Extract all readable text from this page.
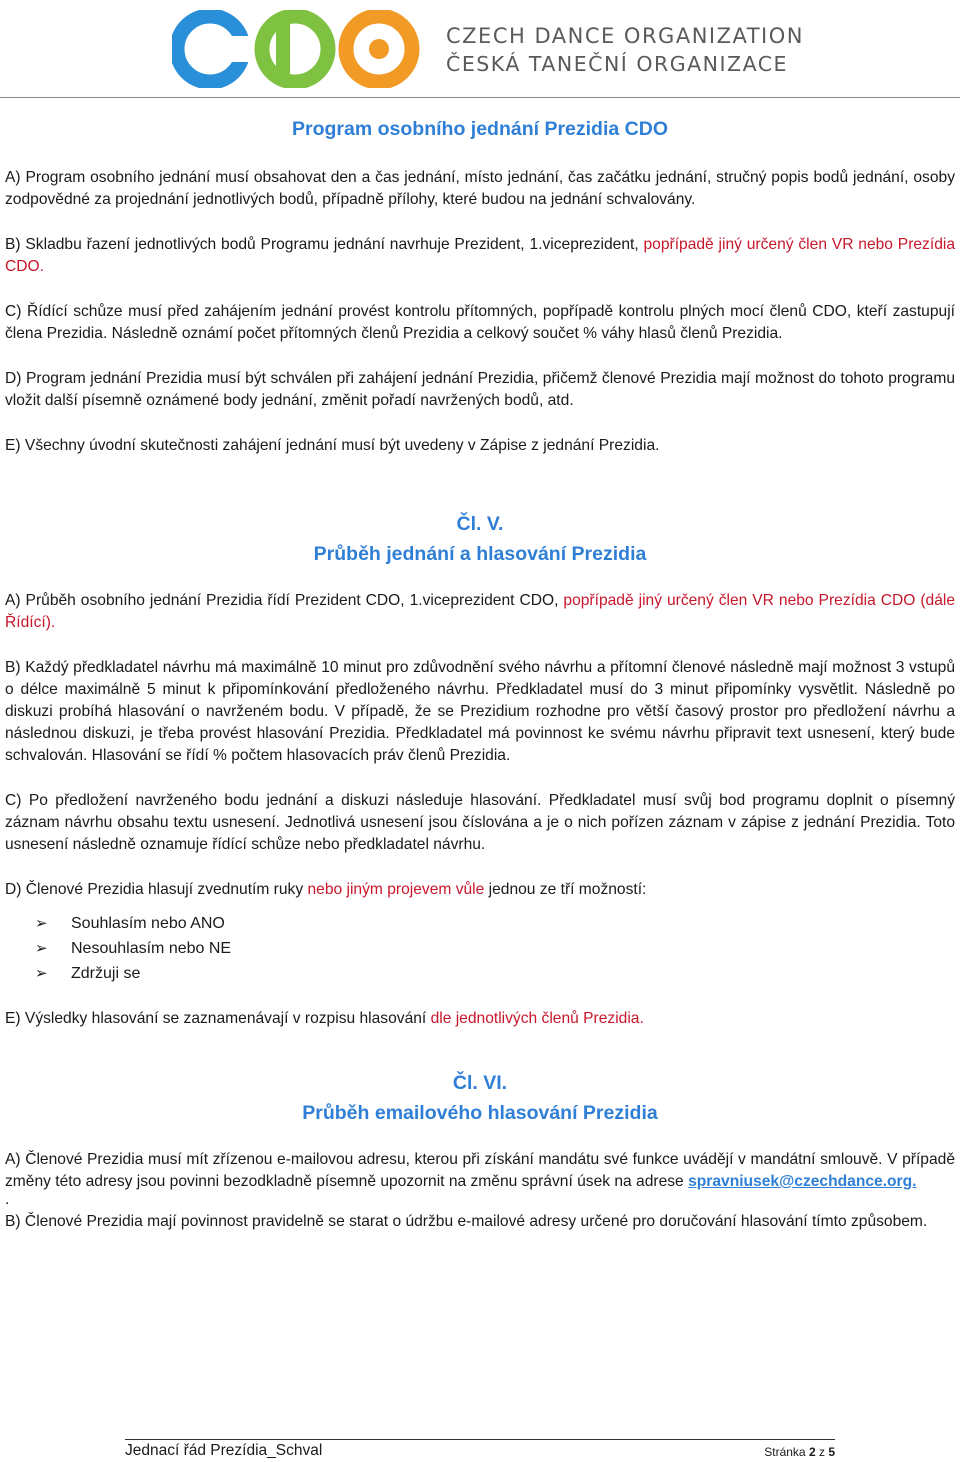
CZECH DANCE ORGANIZATION
ČESKÁ TANEČNÍ ORGANIZACE
Program osobního jednání Prezidia CDO

A) Program osobního jednání musí obsahovat den a čas jednání, místo jednání, čas začátku jednání, stručný popis bodů jednání, osoby zodpovědné za projednání jednotlivých bodů, případně přílohy, které budou na jednání schvalovány.

B) Skladbu řazení jednotlivých bodů Programu jednání navrhuje Prezident, 1.viceprezident, popřípadě jiný určený člen VR nebo Prezídia CDO.

C) Řídící schůze musí před zahájením jednání provést kontrolu přítomných, popřípadě kontrolu plných mocí členů CDO, kteří zastupují člena Prezidia. Následně oznámí počet přítomných členů Prezidia a celkový součet % váhy hlasů členů Prezidia.

D) Program jednání Prezidia musí být schválen při zahájení jednání Prezidia, přičemž členové Prezidia mají možnost do tohoto programu vložit další písemně oznámené body jednání, změnit pořadí navržených bodů, atd.

E) Všechny úvodní skutečnosti zahájení jednání musí být uvedeny v Zápise z jednání Prezidia.

Čl. V.
Průběh jednání a hlasování Prezidia

A) Průběh osobního jednání Prezidia řídí Prezident CDO, 1.viceprezident CDO, popřípadě jiný určený člen VR nebo Prezídia CDO (dále Řídící).

B) Každý předkladatel návrhu má maximálně 10 minut pro zdůvodnění svého návrhu a přítomní členové následně mají možnost 3 vstupů o délce maximálně 5 minut k připomínkování předloženého návrhu. Předkladatel musí do 3 minut připomínky vysvětlit. Následně po diskuzi probíhá hlasování o navrženém bodu. V případě, že se Prezidium rozhodne pro větší časový prostor pro předložení návrhu a následnou diskuzi, je třeba provést hlasování Prezidia. Předkladatel má povinnost ke svému návrhu připravit text usnesení, který bude schvalován. Hlasování se řídí % počtem hlasovacích práv členů Prezidia.

C) Po předložení navrženého bodu jednání a diskuzi následuje hlasování. Předkladatel musí svůj bod programu doplnit o písemný záznam návrhu obsahu textu usnesení. Jednotlivá usnesení jsou číslována a je o nich pořízen záznam v zápise z jednání Prezidia. Toto usnesení následně oznamuje řídící schůze nebo předkladatel návrhu.

D) Členové Prezidia hlasují zvednutím ruky nebo jiným projevem vůle jednou ze tří možností:

➢ Souhlasím nebo ANO
➢ Nesouhlasím nebo NE
➢ Zdržuji se

E) Výsledky hlasování se zaznamenávají v rozpisu hlasování dle jednotlivých členů Prezidia.

Čl. VI.
Průběh emailového hlasování Prezidia

A) Členové Prezidia musí mít zřízenou e-mailovou adresu, kterou při získání mandátu své funkce uvádějí v mandátní smlouvě. V případě změny této adresy jsou povinni bezodkladně písemně upozornit na změnu správní úsek na adrese spravniusek@czechdance.org.

.

B) Členové Prezidia mají povinnost pravidelně se starat o údržbu e-mailové adresy určené pro doručování hlasování tímto způsobem.

Jednací řád Prezídia_Schval	Stránka 2 z 5
